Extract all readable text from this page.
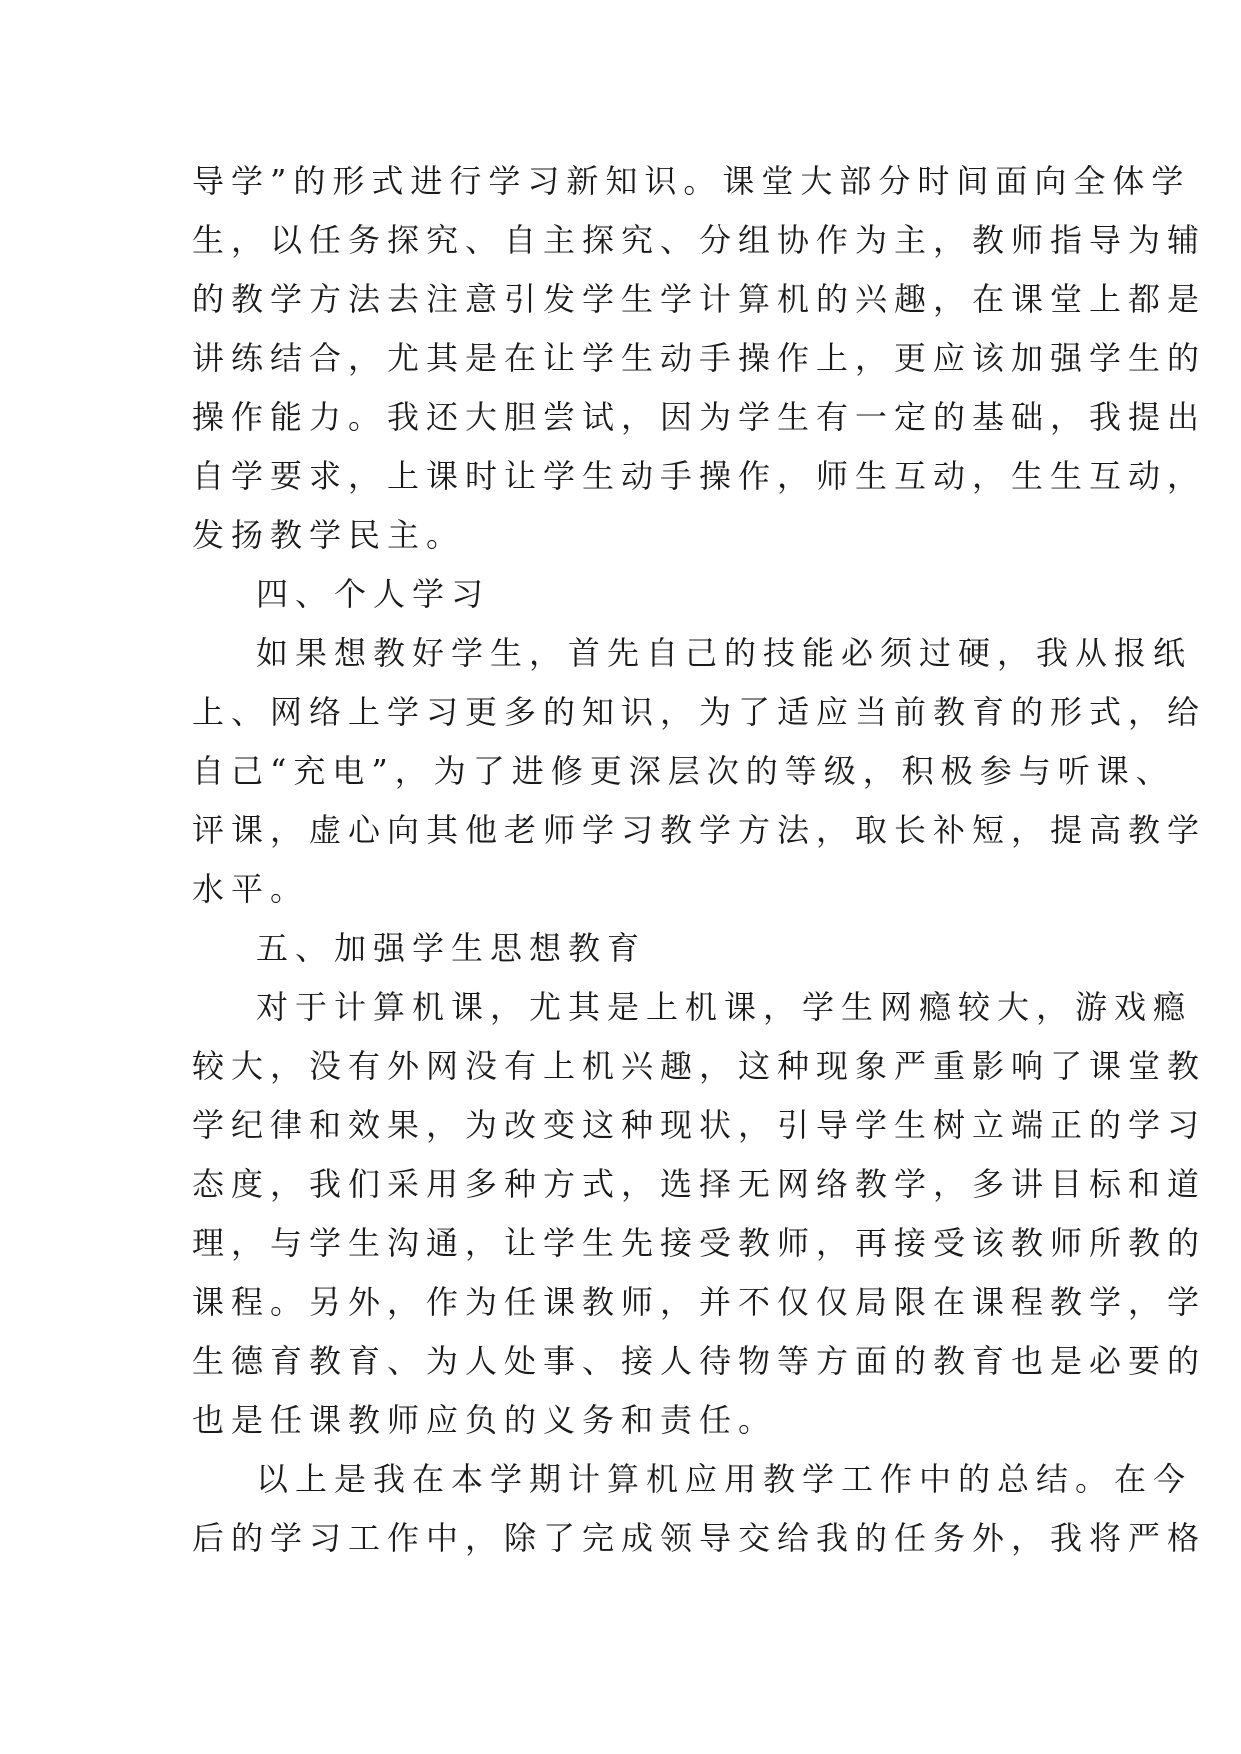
导学”的形式进行学习新知识。课堂大部分时间面向全体学
生，以任务探究、自主探究、分组协作为主，教师指导为辅
的教学方法去注意引发学生学计算机的兴趣，在课堂上都是
讲练结合，尤其是在让学生动手操作上，更应该加强学生的
操作能力。我还大胆尝试，因为学生有一定的基础，我提出
自学要求，上课时让学生动手操作，师生互动，生生互动，
发扬教学民主。
四、个人学习
如果想教好学生，首先自己的技能必须过硬，我从报纸
上、网络上学习更多的知识，为了适应当前教育的形式，给
自己“充电”，为了进修更深层次的等级，积极参与听课、
评课，虚心向其他老师学习教学方法，取长补短，提高教学
水平。
五、加强学生思想教育
对于计算机课，尤其是上机课，学生网瘾较大，游戏瘾
较大，没有外网没有上机兴趣，这种现象严重影响了课堂教
学纪律和效果，为改变这种现状，引导学生树立端正的学习
态度，我们采用多种方式，选择无网络教学，多讲目标和道
理，与学生沟通，让学生先接受教师，再接受该教师所教的
课程。另外，作为任课教师，并不仅仅局限在课程教学，学
生德育教育、为人处事、接人待物等方面的教育也是必要的
也是任课教师应负的义务和责任。
以上是我在本学期计算机应用教学工作中的总结。在今
后的学习工作中，除了完成领导交给我的任务外，我将严格
